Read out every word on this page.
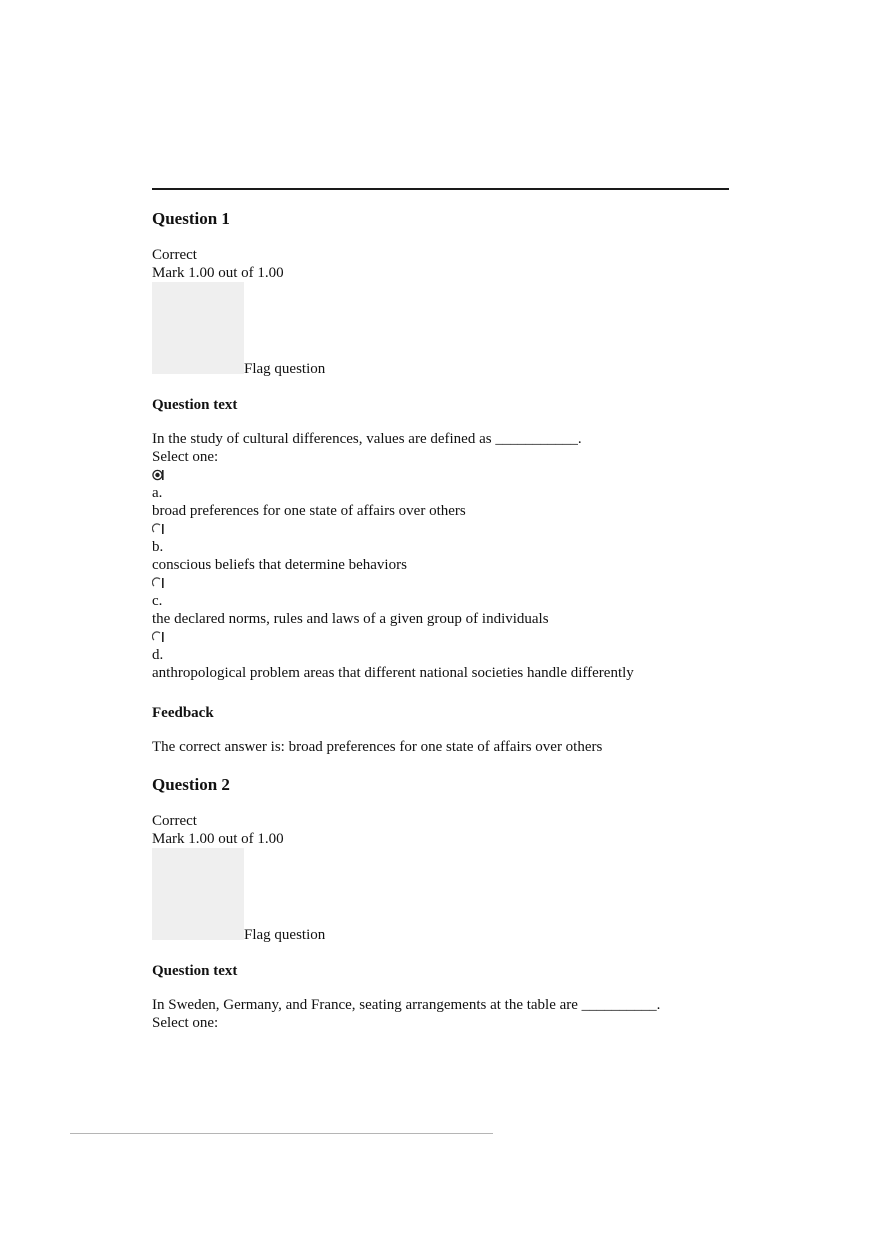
Question 1

Correct

Mark 1.00 out of 1.00

Flag question
Question text

In the study of cultural differences, values are defined as ___________.

Select one:

a.

broad preferences for one state of affairs over others

b.

conscious beliefs that determine behaviors

c.

the declared norms, rules and laws of a given group of individuals

d.

anthropological problem areas that different national societies handle differently

Feedback

The correct answer is: broad preferences for one state of affairs over others

Question 2

Correct

Mark 1.00 out of 1.00

Flag question
Question text

In Sweden, Germany, and France, seating arrangements at the table are __________.

Select one:
